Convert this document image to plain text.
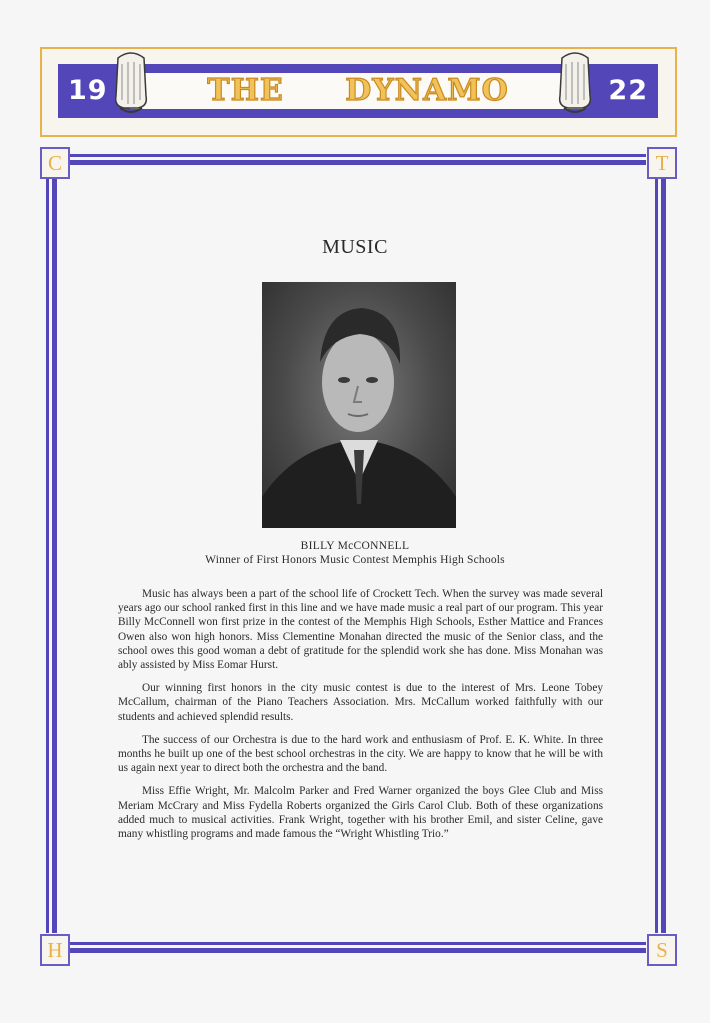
19	22
THE DYNAMO
C	T
H	S
MUSIC
BILLY McCONNELL
Winner of First Honors Music Contest Memphis High Schools

Music has always been a part of the school life of Crockett Tech. When the survey was made several years ago our school ranked first in this line and we have made music a real part of our program. This year Billy McConnell won first prize in the contest of the Memphis High Schools, Esther Mattice and Frances Owen also won high honors. Miss Clementine Monahan directed the music of the Senior class, and the school owes this good woman a debt of gratitude for the splendid work she has done. Miss Monahan was ably assisted by Miss Eomar Hurst.

Our winning first honors in the city music contest is due to the interest of Mrs. Leone Tobey McCallum, chairman of the Piano Teachers Association. Mrs. McCallum worked faithfully with our students and achieved splendid results.

The success of our Orchestra is due to the hard work and enthusiasm of Prof. E. K. White. In three months he built up one of the best school orchestras in the city. We are happy to know that he will be with us again next year to direct both the orchestra and the band.

Miss Effie Wright, Mr. Malcolm Parker and Fred Warner organized the boys Glee Club and Miss Meriam McCrary and Miss Fydella Roberts organized the Girls Carol Club. Both of these organizations added much to musical activities. Frank Wright, together with his brother Emil, and sister Celine, gave many whistling programs and made famous the “Wright Whistling Trio.”
